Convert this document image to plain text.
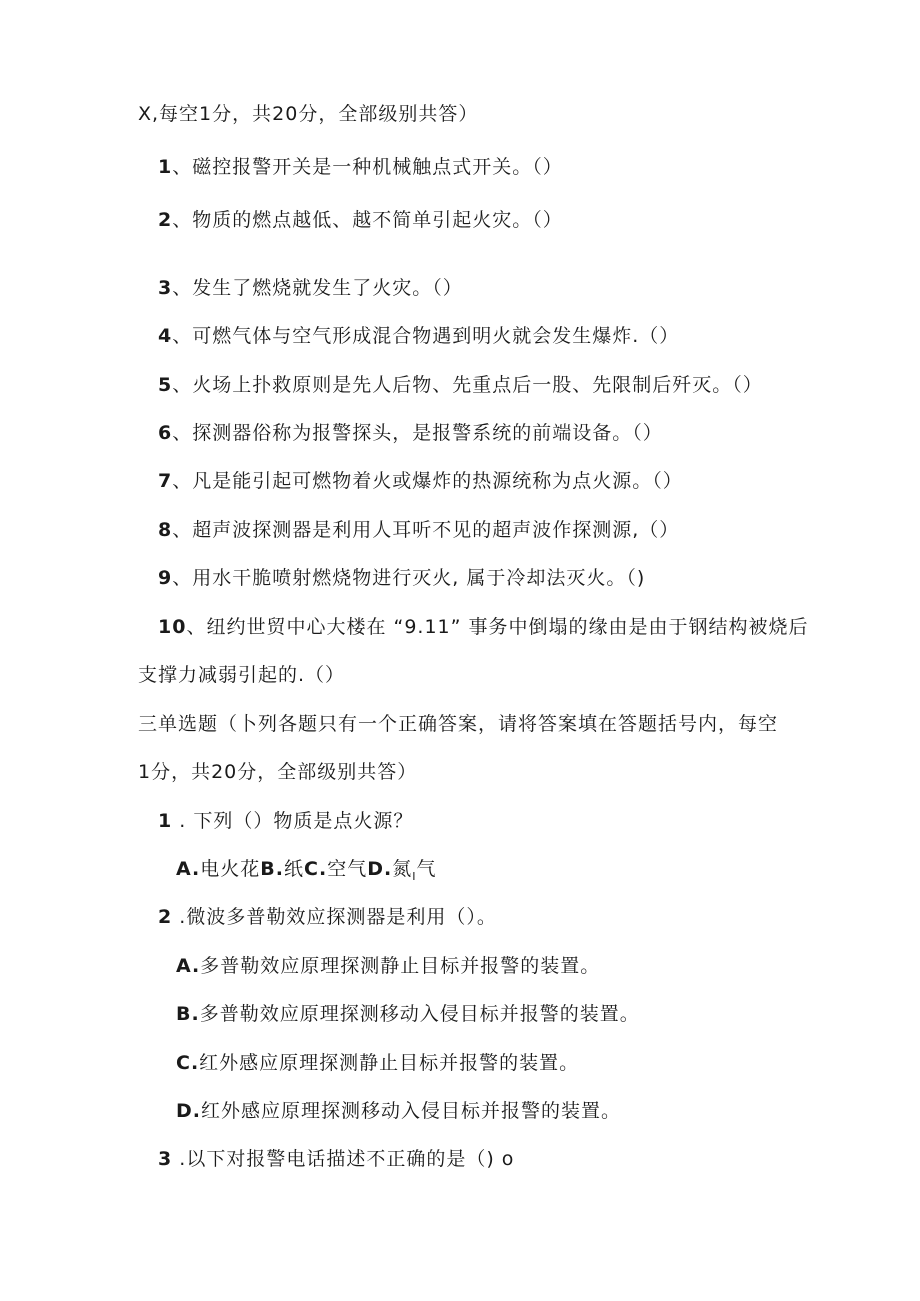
X,每空1分，共20分，全部级别共答）
1、磁控报警开关是一种机械触点式开关。（）
2、物质的燃点越低、越不简单引起火灾。（）
3、发生了燃烧就发生了火灾。（）
4、可燃气体与空气形成混合物遇到明火就会发生爆炸.（）
5、火场上扑救原则是先人后物、先重点后一股、先限制后歼灭。（）
6、探测器俗称为报警探头，是报警系统的前端设备。（）
7、凡是能引起可燃物着火或爆炸的热源统称为点火源。（）
8、超声波探测器是利用人耳听不见的超声波作探测源,（）
9、用水干脆喷射燃烧物进行灭火, 属于冷却法灭火。（)
10、纽约世贸中心大楼在 “9.11” 事务中倒塌的缘由是由于钢结构被烧后
支撑力减弱引起的.（）
三单选题（卜列各题只有一个正确答案，请将答案填在答题括号内，每空
1分，共20分，全部级别共答）
1 . 下列（）物质是点火源？
A.电火花B.纸C.空气D.氮$_I$气
2 .微波多普勒效应探测器是利用（）。
A.多普勒效应原理探测静止目标并报警的装置。
B.多普勒效应原理探测移动入侵目标并报警的装置。
C.红外感应原理探测静止目标并报警的装置。
D.红外感应原理探测移动入侵目标并报警的装置。
3 .以下对报警电话描述不正确的是（) o
